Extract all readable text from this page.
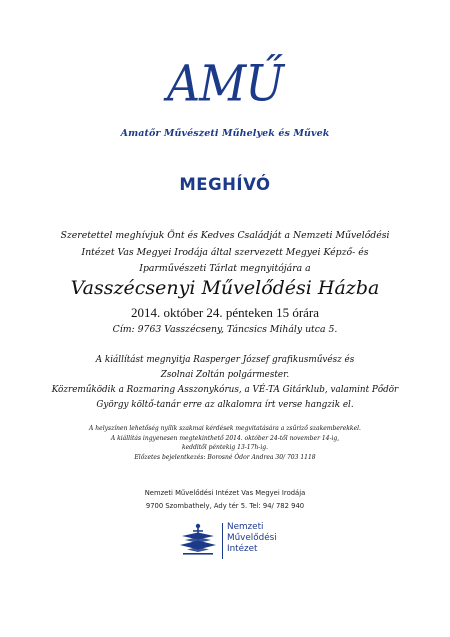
AMŰ
Amatőr Művészeti Műhelyek és Művek
MEGHÍVÓ
Szeretettel meghívjuk Önt és Kedves Családját a Nemzeti Művelődési
Intézet Vas Megyei Irodája által szervezett Megyei Képző- és
Iparművészeti Tárlat megnyitójára a
Vasszécsenyi Művelődési Házba
2014. október 24. pénteken 15 órára
Cím: 9763 Vasszécseny, Táncsics Mihály utca 5.
A kiállítást megnyitja Rasperger József grafikusművész és
Zsolnai Zoltán polgármester.
Közreműködik a Rozmaring Asszonykórus, a VÉ-TA Gitárklub, valamint Pődör
György költő-tanár erre az alkalomra írt verse hangzik el.
A helyszínen lehetőség nyílik szakmai kérdések megvitatására a zsűriző szakemberekkel.
A kiállítás ingyenesen megtekinthető 2014. október 24-től november 14-ig,
kedditől péntekig 13-17h-ig.
Előzetes bejelentkezés: Borosné Ódor Andrea 30/ 703 1118
Nemzeti Művelődési Intézet Vas Megyei Irodája
9700 Szombathely, Ady tér 5. Tel: 94/ 782 940
Nemzeti
Művelődési
Intézet
